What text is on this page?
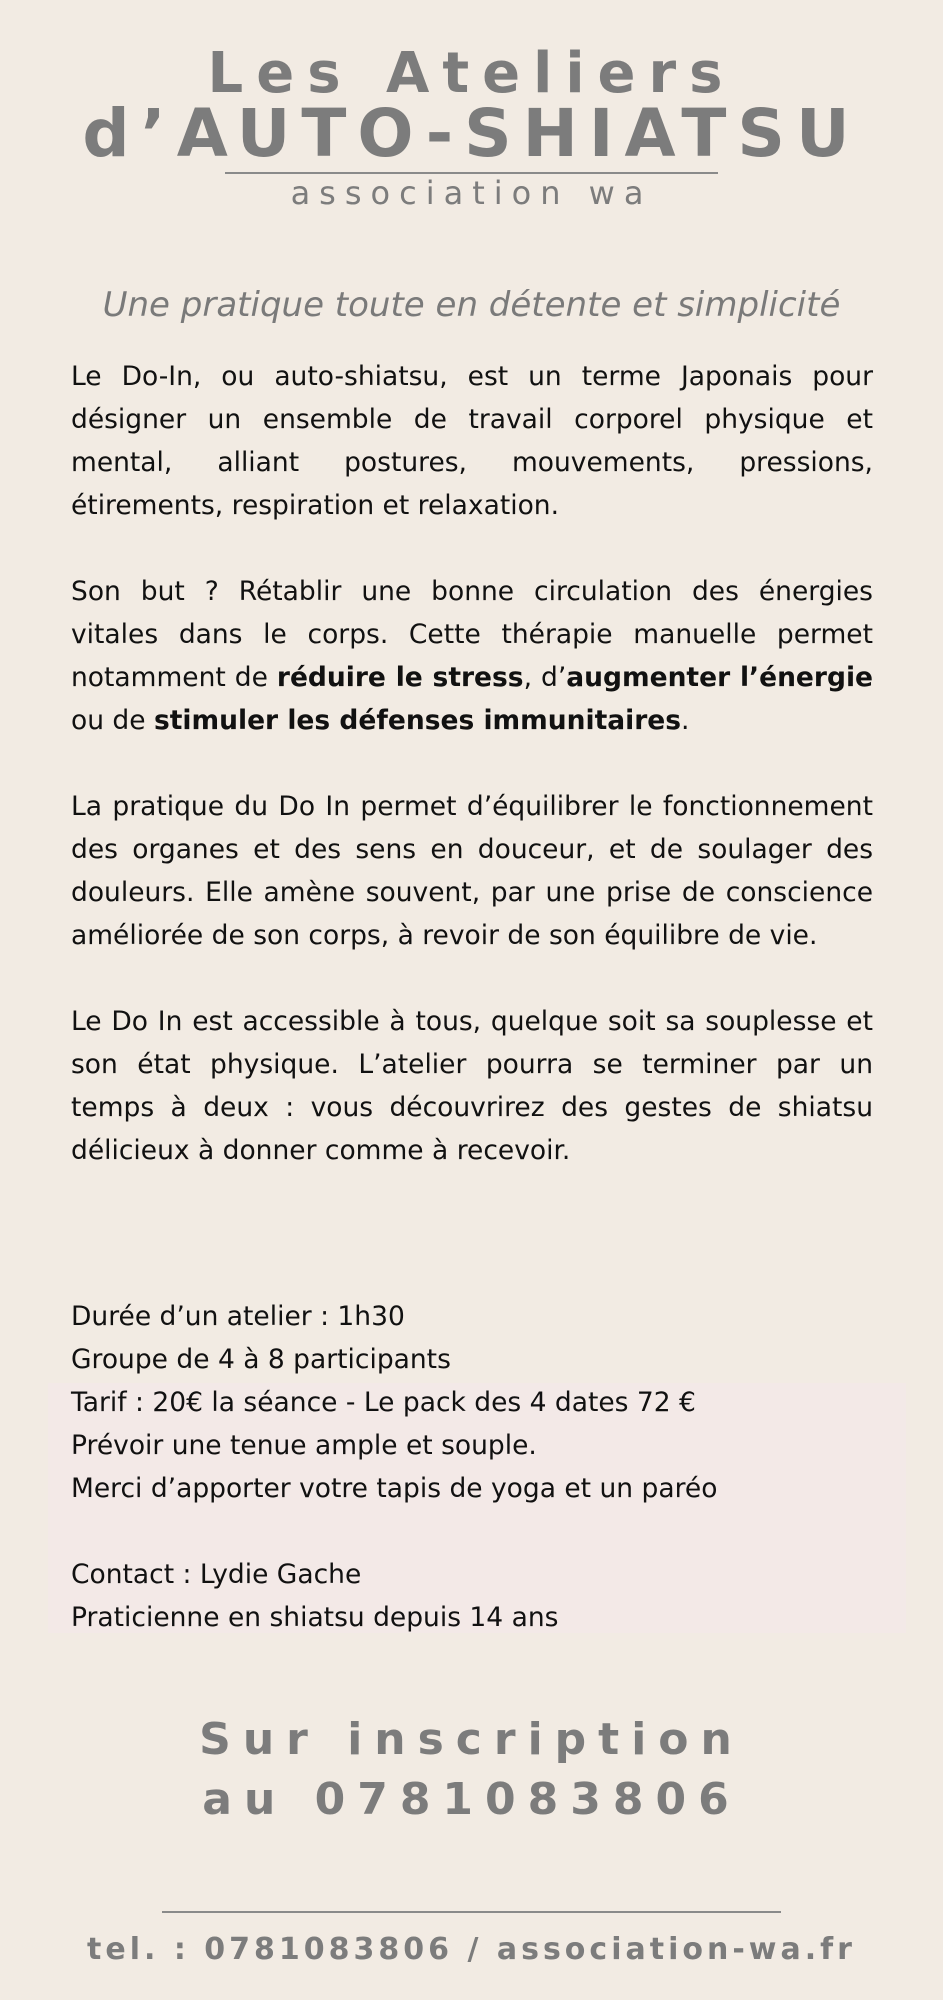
Les Ateliers
d’AUTO-SHIATSU
association wa
Une pratique toute en détente et simplicité

Le Do-In, ou auto-shiatsu, est un terme Japonais pour désigner un ensemble de travail corporel physique et mental, alliant postures, mouvements, pressions, étirements, respiration et relaxation.

Son but ? Rétablir une bonne circulation des énergies vitales dans le corps. Cette thérapie manuelle permet notamment de réduire le stress, d’augmenter l’énergie ou de stimuler les défenses immunitaires.

La pratique du Do In permet d’équilibrer le fonctionnement des organes et des sens en douceur, et de soulager des douleurs. Elle amène souvent, par une prise de conscience améliorée de son corps, à revoir de son équilibre de vie.

Le Do In est accessible à tous, quelque soit sa souplesse et son état physique. L’atelier pourra se terminer par un temps à deux : vous découvrirez des gestes de shiatsu délicieux à donner comme à recevoir.

Durée d’un atelier : 1h30
Groupe de 4 à 8 participants
Tarif : 20€ la séance - Le pack des 4 dates 72 €
Prévoir une tenue ample et souple.
Merci d’apporter votre tapis de yoga et un paréo
Contact : Lydie Gache
Praticienne en shiatsu depuis 14 ans
Sur inscription
au 0781083806
tel. : 0781083806 / association-wa.fr
